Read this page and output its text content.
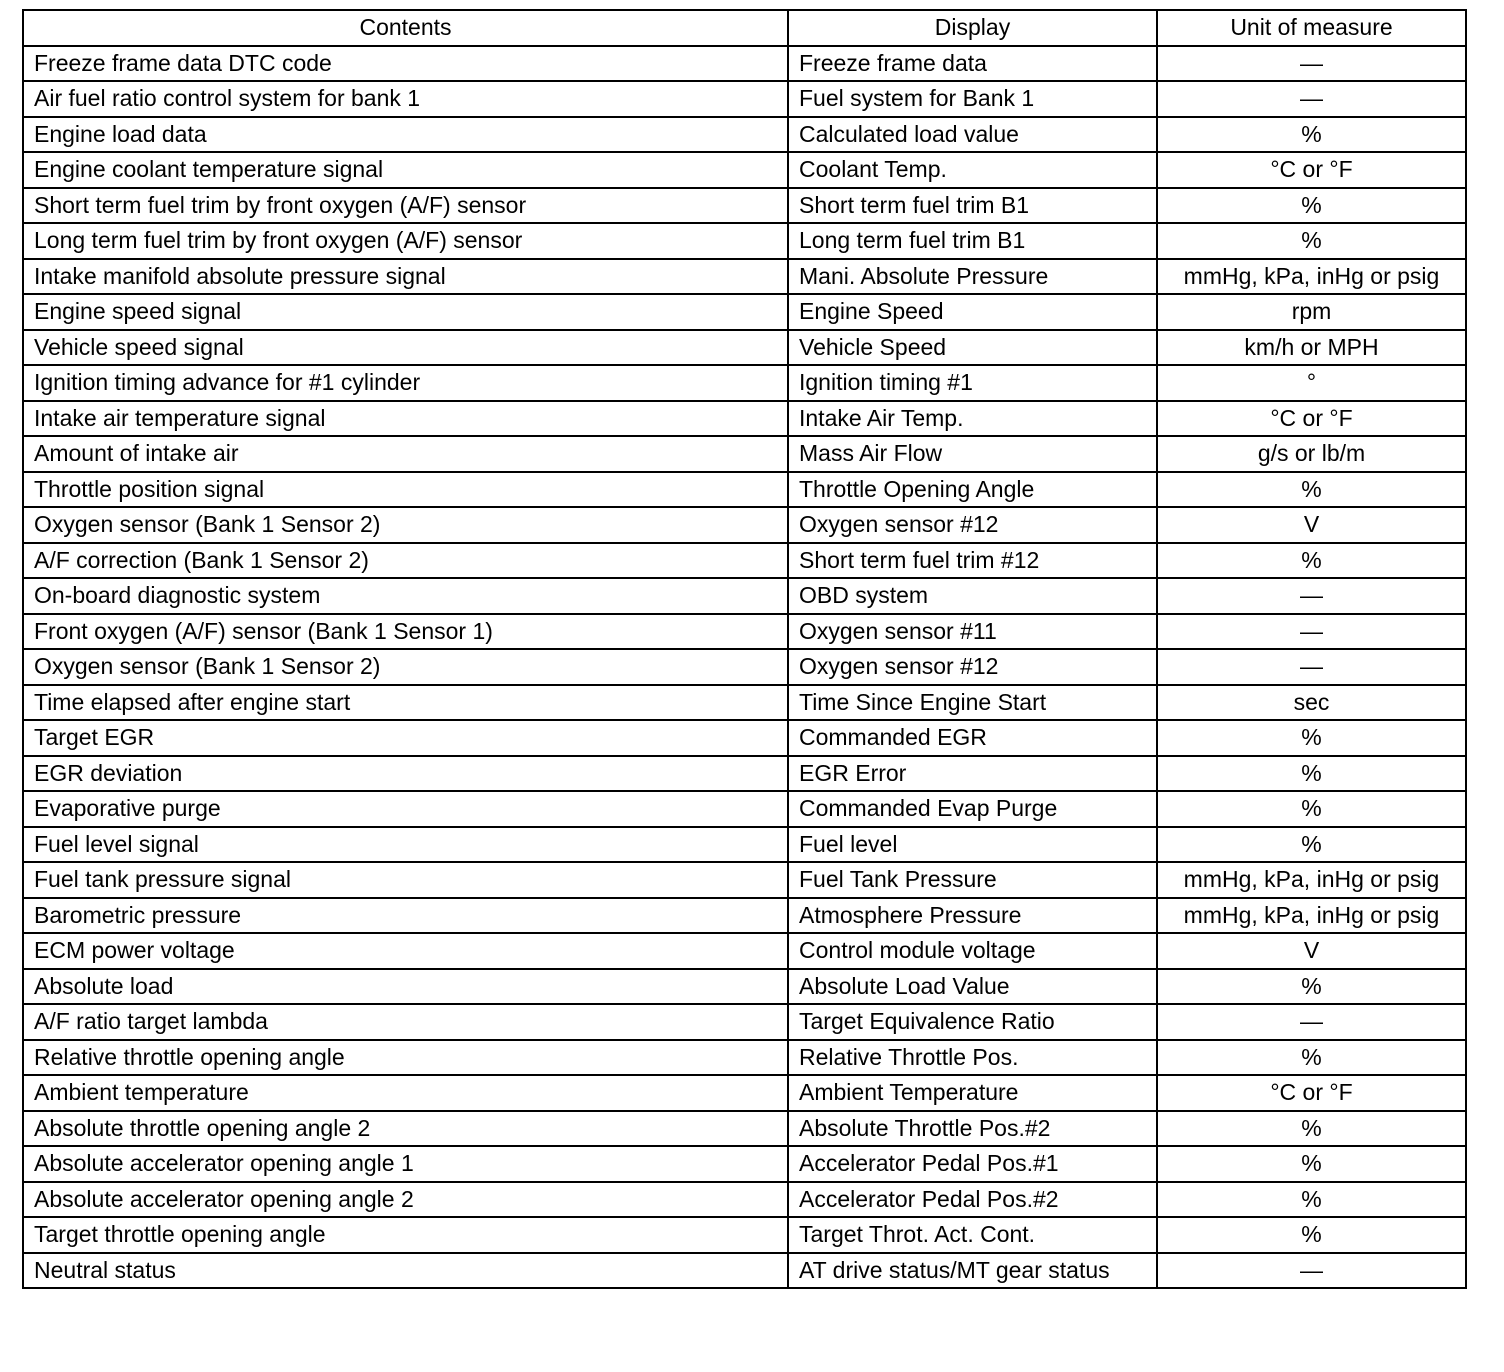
Contents	Display	Unit of measure
Freeze frame data DTC code	Freeze frame data	—
Air fuel ratio control system for bank 1	Fuel system for Bank 1	—
Engine load data	Calculated load value	%
Engine coolant temperature signal	Coolant Temp.	°C or °F
Short term fuel trim by front oxygen (A/F) sensor	Short term fuel trim B1	%
Long term fuel trim by front oxygen (A/F) sensor	Long term fuel trim B1	%
Intake manifold absolute pressure signal	Mani. Absolute Pressure	mmHg, kPa, inHg or psig
Engine speed signal	Engine Speed	rpm
Vehicle speed signal	Vehicle Speed	km/h or MPH
Ignition timing advance for #1 cylinder	Ignition timing #1	°
Intake air temperature signal	Intake Air Temp.	°C or °F
Amount of intake air	Mass Air Flow	g/s or lb/m
Throttle position signal	Throttle Opening Angle	%
Oxygen sensor (Bank 1 Sensor 2)	Oxygen sensor #12	V
A/F correction (Bank 1 Sensor 2)	Short term fuel trim #12	%
On-board diagnostic system	OBD system	—
Front oxygen (A/F) sensor (Bank 1 Sensor 1)	Oxygen sensor #11	—
Oxygen sensor (Bank 1 Sensor 2)	Oxygen sensor #12	—
Time elapsed after engine start	Time Since Engine Start	sec
Target EGR	Commanded EGR	%
EGR deviation	EGR Error	%
Evaporative purge	Commanded Evap Purge	%
Fuel level signal	Fuel level	%
Fuel tank pressure signal	Fuel Tank Pressure	mmHg, kPa, inHg or psig
Barometric pressure	Atmosphere Pressure	mmHg, kPa, inHg or psig
ECM power voltage	Control module voltage	V
Absolute load	Absolute Load Value	%
A/F ratio target lambda	Target Equivalence Ratio	—
Relative throttle opening angle	Relative Throttle Pos.	%
Ambient temperature	Ambient Temperature	°C or °F
Absolute throttle opening angle 2	Absolute Throttle Pos.#2	%
Absolute accelerator opening angle 1	Accelerator Pedal Pos.#1	%
Absolute accelerator opening angle 2	Accelerator Pedal Pos.#2	%
Target throttle opening angle	Target Throt. Act. Cont.	%
Neutral status	AT drive status/MT gear status	—
